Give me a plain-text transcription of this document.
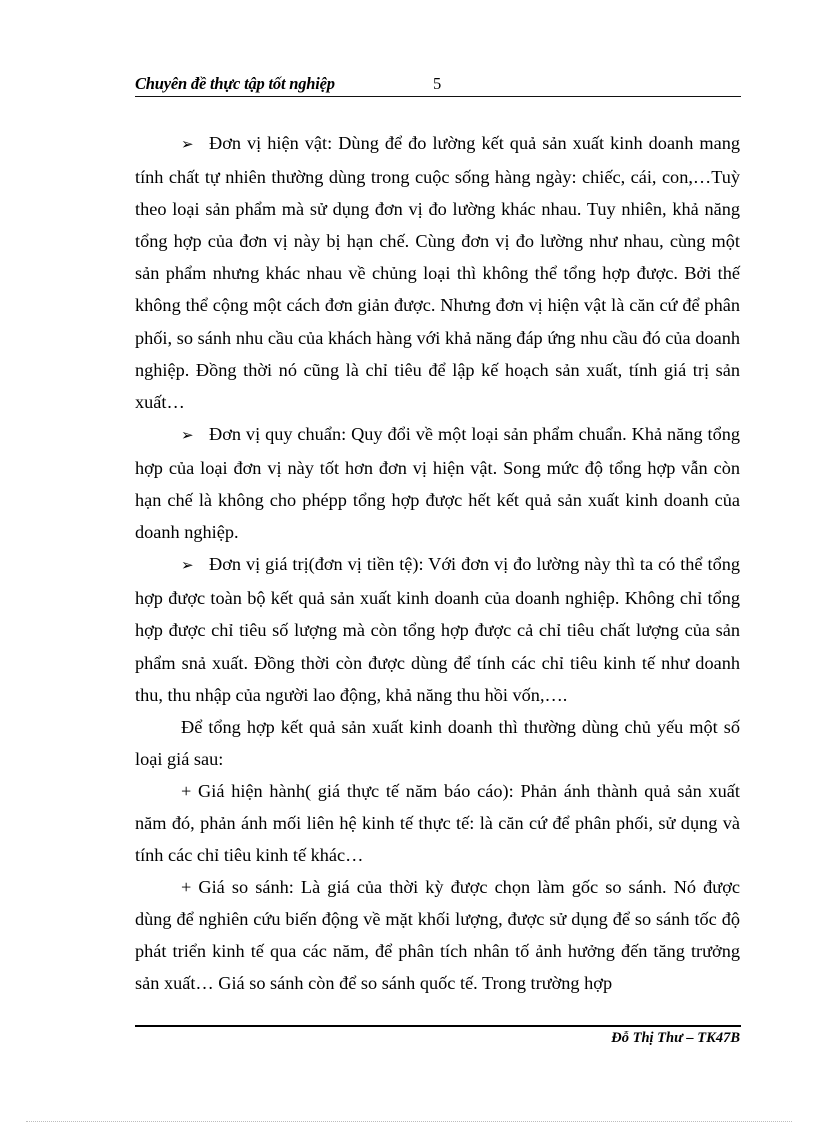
Chuyên đề thực tập tốt nghiệp	5

➢ Đơn vị hiện vật: Dùng để đo lường kết quả sản xuất kinh doanh mang tính chất tự nhiên thường dùng trong cuộc sống hàng ngày: chiếc, cái, con,…Tuỳ theo loại sản phẩm mà sử dụng đơn vị đo lường khác nhau. Tuy nhiên, khả năng tổng hợp của đơn vị này bị hạn chế. Cùng đơn vị đo lường như nhau, cùng một sản phẩm nhưng khác nhau về chủng loại thì không thể tổng hợp được. Bởi thế không thể cộng một cách đơn giản được. Nhưng đơn vị hiện vật là căn cứ để phân phối, so sánh nhu cầu của khách hàng với khả năng đáp ứng nhu cầu đó của doanh nghiệp. Đồng thời nó cũng là chỉ tiêu để lập kế hoạch sản xuất, tính giá trị sản xuất…

➢ Đơn vị quy chuẩn: Quy đổi về một loại sản phẩm chuẩn. Khả năng tổng hợp của loại đơn vị này tốt hơn đơn vị hiện vật. Song mức độ tổng hợp vẫn còn hạn chế là không cho phépp tổng hợp được hết kết quả sản xuất kinh doanh của doanh nghiệp.

➢ Đơn vị giá trị(đơn vị tiền tệ): Với đơn vị đo lường này thì ta có thể tổng hợp được toàn bộ kết quả sản xuất kinh doanh của doanh nghiệp. Không chỉ tổng hợp được chỉ tiêu số lượng mà còn tổng hợp được cả chỉ tiêu chất lượng của sản phẩm snả xuất. Đồng thời còn được dùng để tính các chỉ tiêu kinh tế như doanh thu, thu nhập của người lao động, khả năng thu hồi vốn,….

Để tổng hợp kết quả sản xuất kinh doanh thì thường dùng chủ yếu một số loại giá sau:

+ Giá hiện hành( giá thực tế năm báo cáo): Phản ánh thành quả sản xuất năm đó, phản ánh mối liên hệ kinh tế thực tế: là căn cứ để phân phối, sử dụng và tính các chỉ tiêu kinh tế khác…

+ Giá so sánh: Là giá của thời kỳ được chọn làm gốc so sánh. Nó được dùng để nghiên cứu biến động về mặt khối lượng, được sử dụng để so sánh tốc độ phát triển kinh tế qua các năm, để phân tích nhân tố ảnh hưởng đến tăng trưởng sản xuất… Giá so sánh còn để so sánh quốc tế. Trong trường hợp

Đỗ Thị Thư – TK47B
